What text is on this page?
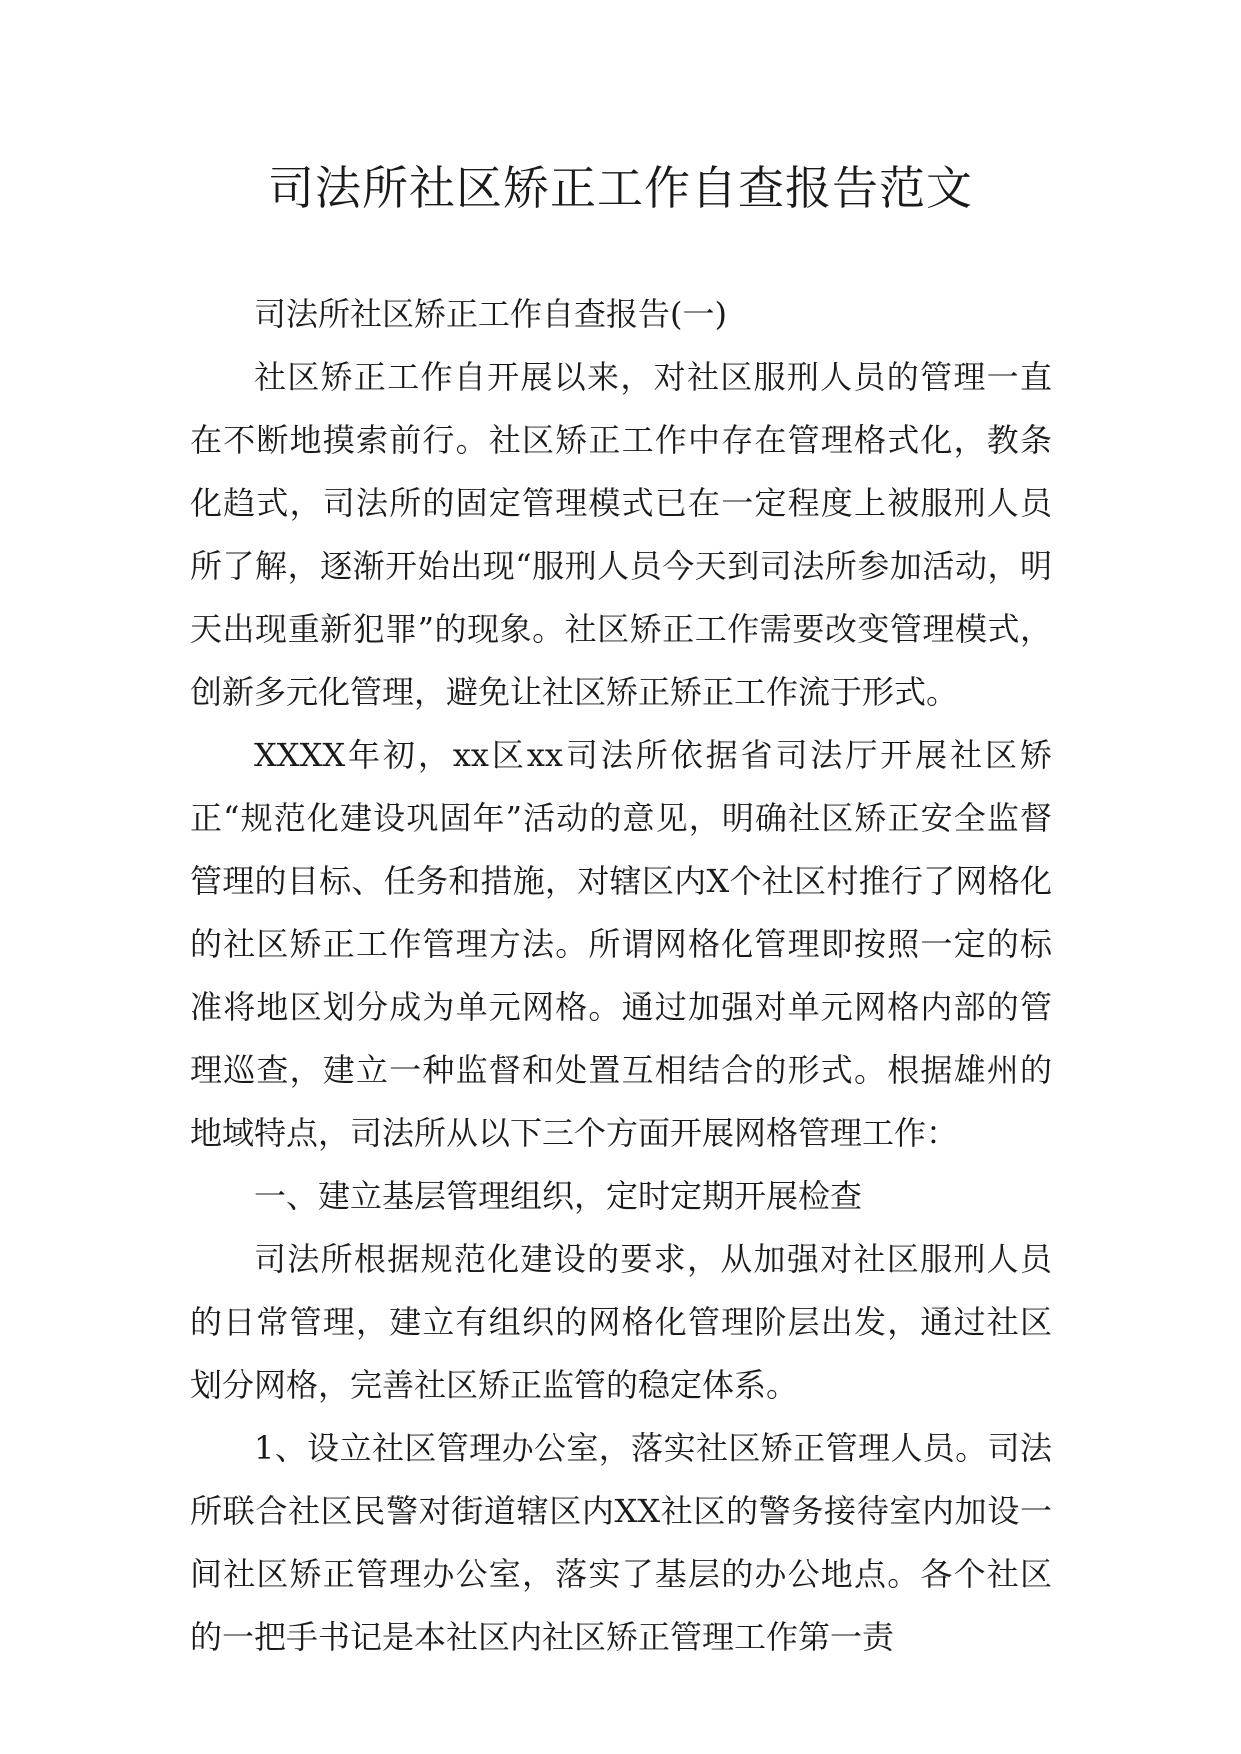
司法所社区矫正工作自查报告范文

司法所社区矫正工作自查报告(一)

社区矫正工作自开展以来，对社区服刑人员的管理一直在不断地摸索前行。社区矫正工作中存在管理格式化，教条化趋式，司法所的固定管理模式已在一定程度上被服刑人员所了解，逐渐开始出现“服刑人员今天到司法所参加活动，明天出现重新犯罪”的现象。社区矫正工作需要改变管理模式，创新多元化管理，避免让社区矫正矫正工作流于形式。

XXXX年初，xx区xx司法所依据省司法厅开展社区矫正“规范化建设巩固年”活动的意见，明确社区矫正安全监督管理的目标、任务和措施，对辖区内X个社区村推行了网格化的社区矫正工作管理方法。所谓网格化管理即按照一定的标准将地区划分成为单元网格。通过加强对单元网格内部的管理巡查，建立一种监督和处置互相结合的形式。根据雄州的地域特点，司法所从以下三个方面开展网格管理工作：

一、建立基层管理组织，定时定期开展检查

司法所根据规范化建设的要求，从加强对社区服刑人员的日常管理，建立有组织的网格化管理阶层出发，通过社区划分网格，完善社区矫正监管的稳定体系。

1、设立社区管理办公室，落实社区矫正管理人员。司法所联合社区民警对街道辖区内XX社区的警务接待室内加设一间社区矫正管理办公室，落实了基层的办公地点。各个社区的一把手书记是本社区内社区矫正管理工作第一责
